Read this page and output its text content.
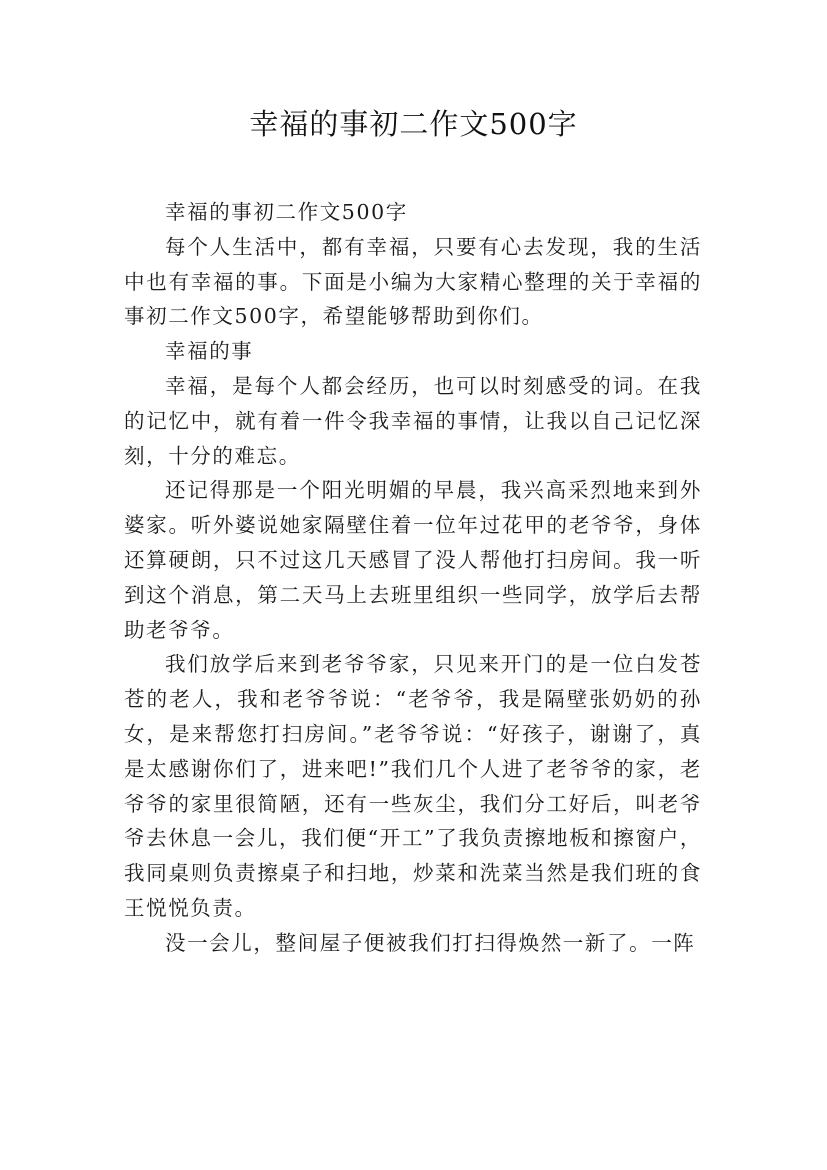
幸福的事初二作文500字

幸福的事初二作文500字

每个人生活中，都有幸福，只要有心去发现，我的生活中也有幸福的事。下面是小编为大家精心整理的关于幸福的事初二作文500字，希望能够帮助到你们。

幸福的事

幸福，是每个人都会经历，也可以时刻感受的词。在我的记忆中，就有着一件令我幸福的事情，让我以自己记忆深刻，十分的难忘。

还记得那是一个阳光明媚的早晨，我兴高采烈地来到外婆家。听外婆说她家隔壁住着一位年过花甲的老爷爷，身体还算硬朗，只不过这几天感冒了没人帮他打扫房间。我一听到这个消息，第二天马上去班里组织一些同学，放学后去帮助老爷爷。

我们放学后来到老爷爷家，只见来开门的是一位白发苍苍的老人，我和老爷爷说：“老爷爷，我是隔壁张奶奶的孙女，是来帮您打扫房间。”老爷爷说：“好孩子，谢谢了，真是太感谢你们了，进来吧!”我们几个人进了老爷爷的家，老爷爷的家里很简陋，还有一些灰尘，我们分工好后，叫老爷爷去休息一会儿，我们便“开工”了我负责擦地板和擦窗户，我同桌则负责擦桌子和扫地，炒菜和洗菜当然是我们班的食王悦悦负责。

没一会儿，整间屋子便被我们打扫得焕然一新了。一阵
